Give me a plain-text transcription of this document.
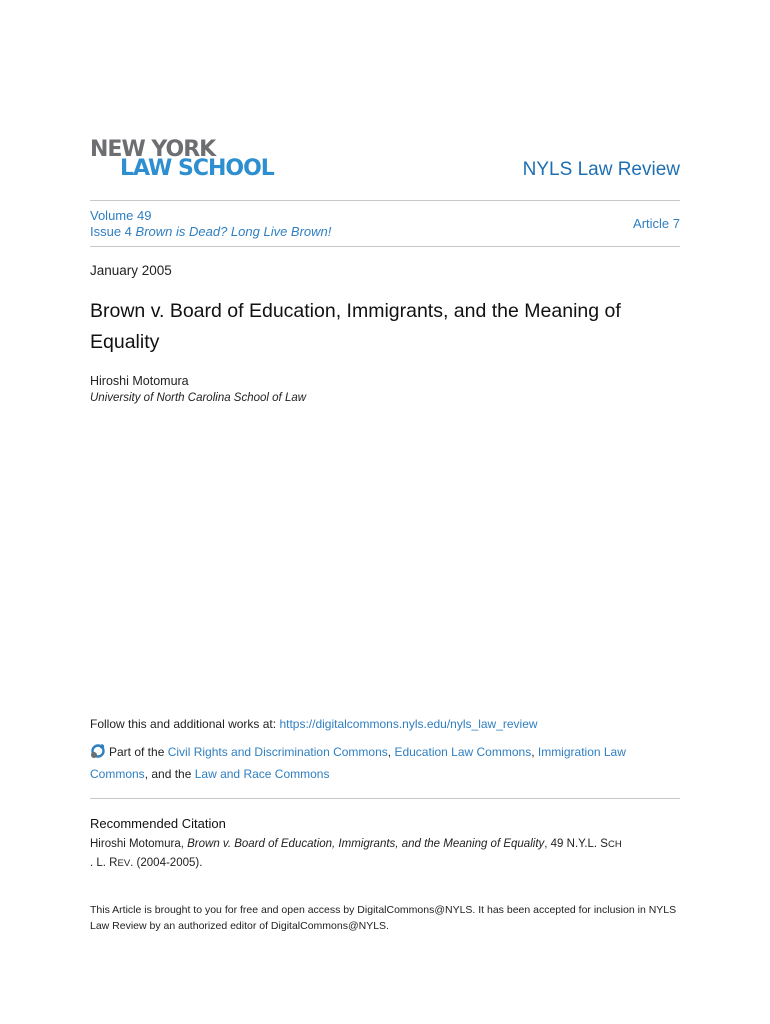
NEW YORK
LAW SCHOOL	NYLS Law Review
Volume 49
Issue 4 Brown is Dead? Long Live Brown!
Article 7
January 2005
Brown v. Board of Education, Immigrants, and the Meaning of Equality
Hiroshi Motomura
University of North Carolina School of Law
Follow this and additional works at: https://digitalcommons.nyls.edu/nyls_law_review
Part of the Civil Rights and Discrimination Commons, Education Law Commons, Immigration Law Commons, and the Law and Race Commons
Recommended Citation
Hiroshi Motomura, Brown v. Board of Education, Immigrants, and the Meaning of Equality, 49 N.Y.L. SCH
. L. REV. (2004-2005).
This Article is brought to you for free and open access by DigitalCommons@NYLS. It has been accepted for inclusion in NYLS Law Review by an authorized editor of DigitalCommons@NYLS.
